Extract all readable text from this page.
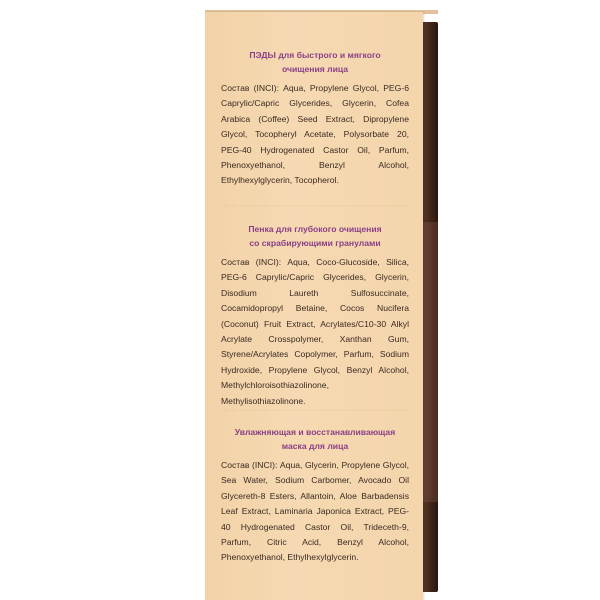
ПЭДЫ для быстрого и мягкого
очищения лица
Состав (INCI): Aqua, Propylene Glycol, PEG-6 Caprylic/Capric Glycerides, Glycerin, Cofea Arabica (Coffee) Seed Extract, Dipropylene Glycol, Tocopheryl Acetate, Polysorbate 20, PEG-40 Hydrogenated Castor Oil, Parfum, Phenoxyethanol, Benzyl Alcohol, Ethylhexylglycerin, Tocopherol.
Пенка для глубокого очищения
со скрабирующими гранулами
Состав (INCI): Aqua, Coco-Glucoside, Silica, PEG-6 Caprylic/Capric Glycerides, Glycerin, Disodium Laureth Sulfosuccinate, Cocamidopropyl Betaine, Cocos Nucifera (Coconut) Fruit Extract, Acrylates/C10-30 Alkyl Acrylate Crosspolymer, Xanthan Gum, Styrene/Acrylates Copolymer, Parfum, Sodium Hydroxide, Propylene Glycol, Benzyl Alcohol, Methylchloroisothiazolinone, Methylisothiazolinone.
Увлажняющая и восстанавливающая
маска для лица
Состав (INCI): Aqua, Glycerin, Propylene Glycol, Sea Water, Sodium Carbomer, Avocado Oil Glycereth-8 Esters, Allantoin, Aloe Barbadensis Leaf Extract, Laminaria Japonica Extract, PEG-40 Hydrogenated Castor Oil, Trideceth-9, Parfum, Citric Acid, Benzyl Alcohol, Phenoxyethanol, Ethylhexylglycerin.
